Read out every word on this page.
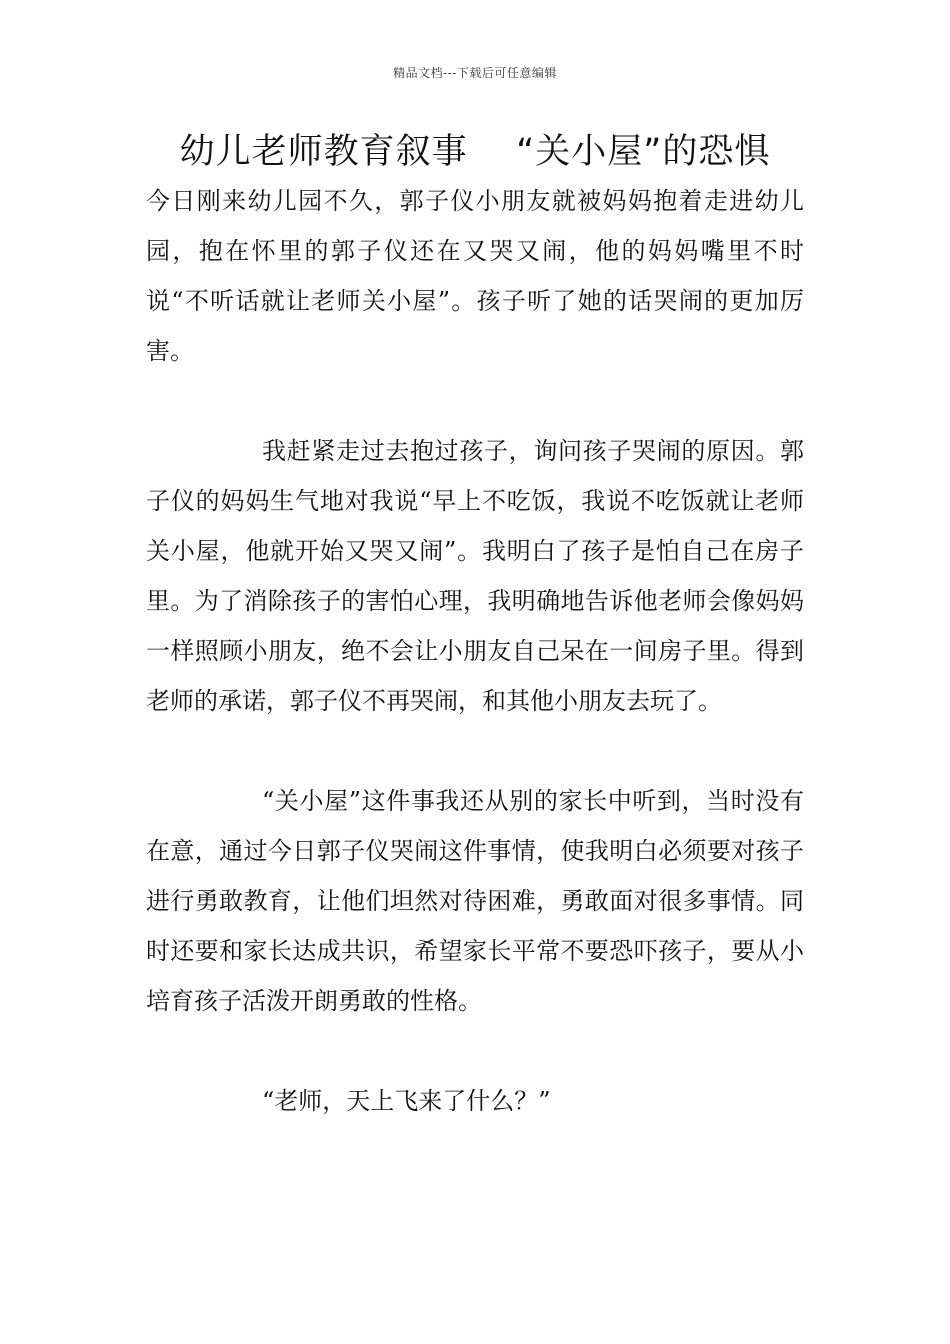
精品文档---下载后可任意编辑
幼儿老师教育叙事    “关小屋”的恐惧

今日刚来幼儿园不久，郭子仪小朋友就被妈妈抱着走进幼儿园，抱在怀里的郭子仪还在又哭又闹，他的妈妈嘴里不时说“不听话就让老师关小屋”。孩子听了她的话哭闹的更加厉害。

我赶紧走过去抱过孩子，询问孩子哭闹的原因。郭子仪的妈妈生气地对我说“早上不吃饭，我说不吃饭就让老师关小屋，他就开始又哭又闹”。我明白了孩子是怕自己在房子里。为了消除孩子的害怕心理，我明确地告诉他老师会像妈妈一样照顾小朋友，绝不会让小朋友自己呆在一间房子里。得到老师的承诺，郭子仪不再哭闹，和其他小朋友去玩了。

“关小屋”这件事我还从别的家长中听到，当时没有在意，通过今日郭子仪哭闹这件事情，使我明白必须要对孩子进行勇敢教育，让他们坦然对待困难，勇敢面对很多事情。同时还要和家长达成共识，希望家长平常不要恐吓孩子，要从小培育孩子活泼开朗勇敢的性格。

“老师，天上飞来了什么？”
